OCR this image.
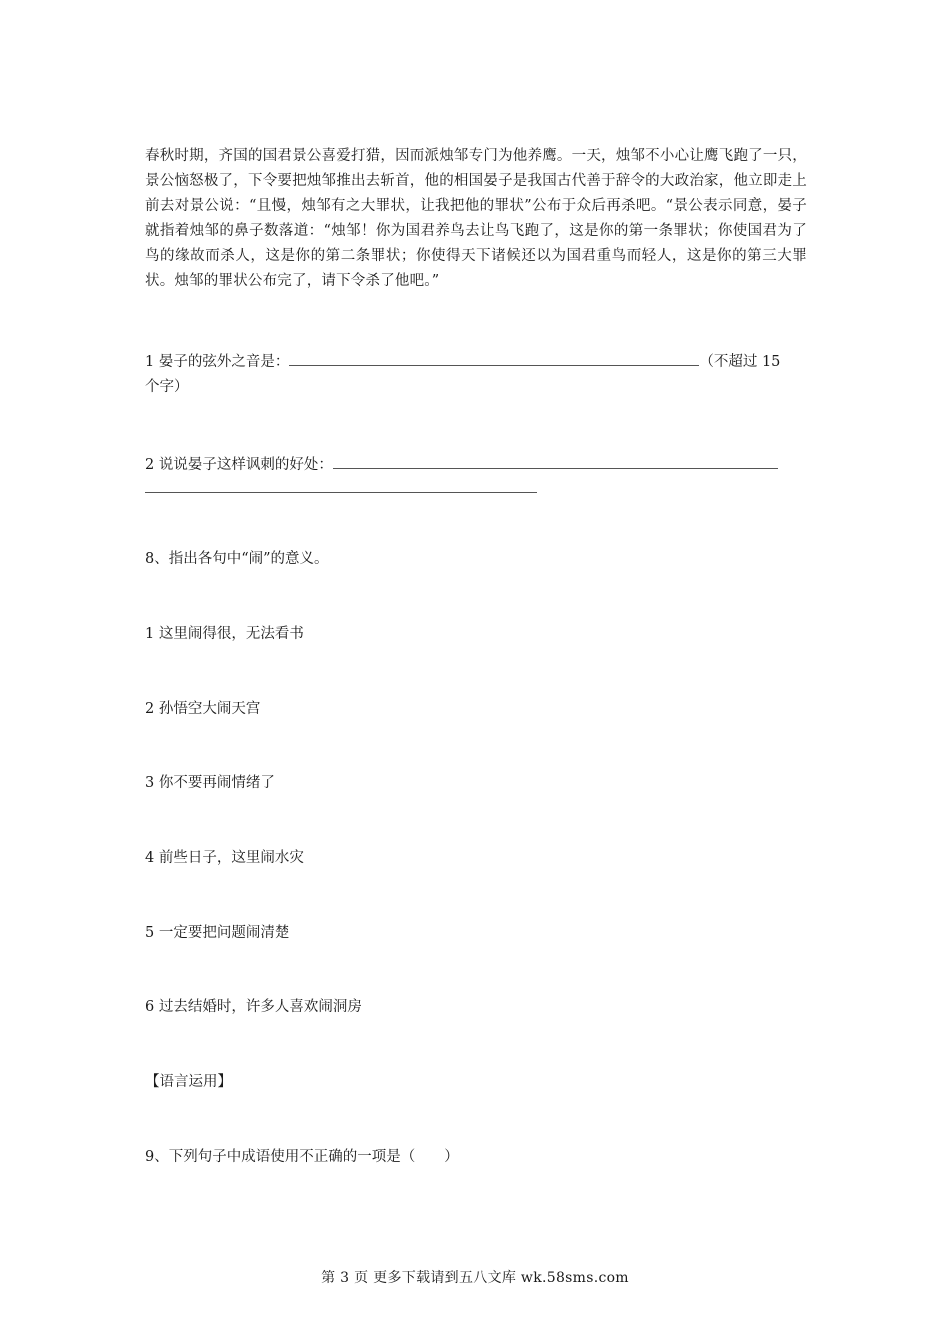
春秋时期，齐国的国君景公喜爱打猎，因而派烛邹专门为他养鹰。一天，烛邹不小心让鹰飞跑了一只，景公恼怒极了，下令要把烛邹推出去斩首，他的相国晏子是我国古代善于辞令的大政治家，他立即走上前去对景公说：“且慢，烛邹有之大罪状，让我把他的罪状”公布于众后再杀吧。“景公表示同意，晏子就指着烛邹的鼻子数落道：“烛邹！你为国君养鸟去让鸟飞跑了，这是你的第一条罪状；你使国君为了鸟的缘故而杀人，这是你的第二条罪状；你使得天下诸候还以为国君重鸟而轻人，这是你的第三大罪状。烛邹的罪状公布完了，请下令杀了他吧。”

1 晏子的弦外之音是：	（不超过 15

个字）

2 说说晏子这样讽刺的好处：

8、指出各句中“闹”的意义。

1 这里闹得很，无法看书

2 孙悟空大闹天宫

3 你不要再闹情绪了

4 前些日子，这里闹水灾

5 一定要把问题闹清楚

6 过去结婚时，许多人喜欢闹洞房

【语言运用】

9、下列句子中成语使用不正确的一项是（　　）

第 3 页 更多下载请到五八文库 wk.58sms.com
